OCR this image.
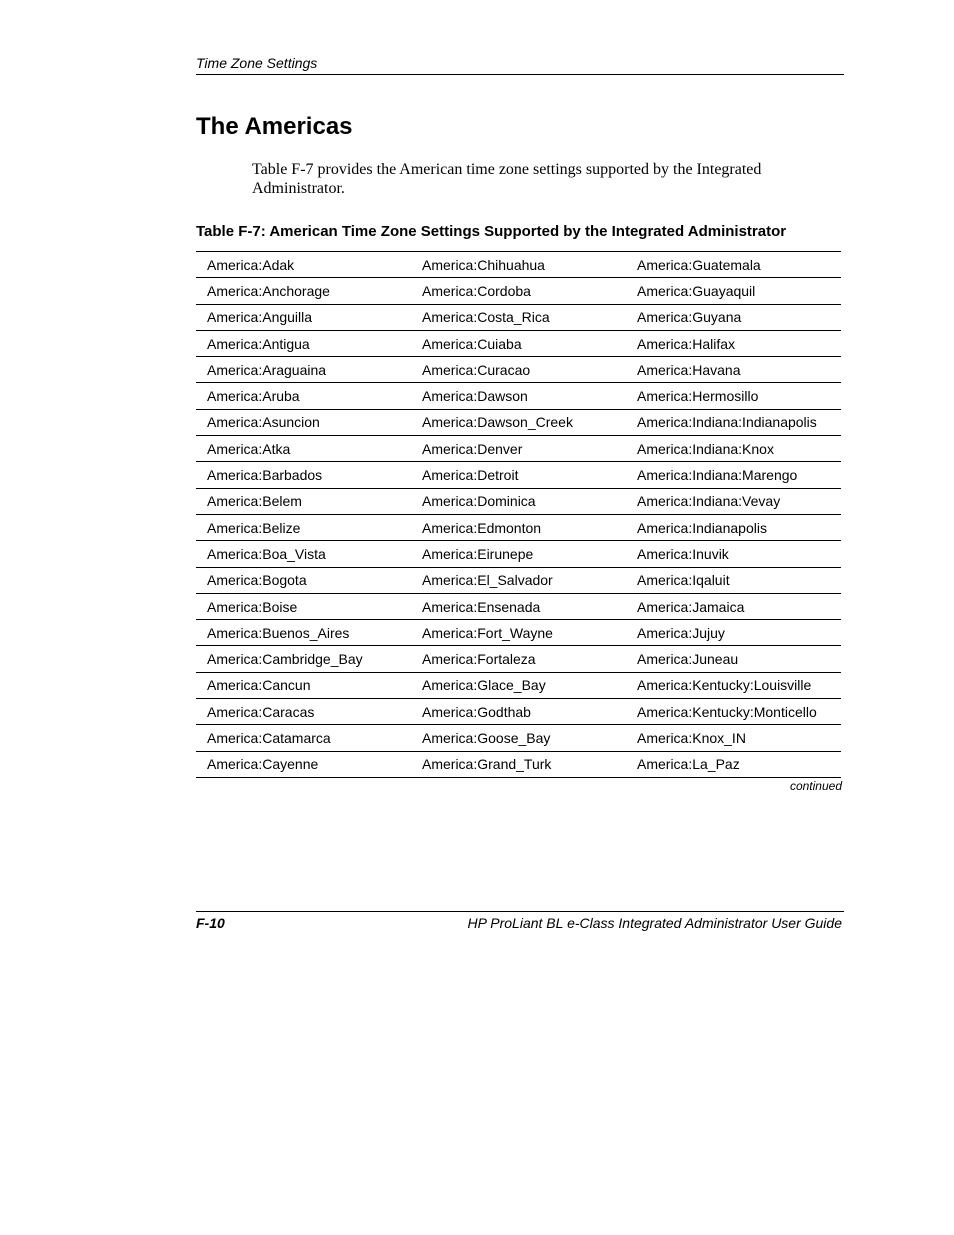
Time Zone Settings
The Americas

Table F-7 provides the American time zone settings supported by the Integrated Administrator.

Table F-7: American Time Zone Settings Supported by the Integrated Administrator

America:Adak	America:Chihuahua	America:Guatemala
America:Anchorage	America:Cordoba	America:Guayaquil
America:Anguilla	America:Costa_Rica	America:Guyana
America:Antigua	America:Cuiaba	America:Halifax
America:Araguaina	America:Curacao	America:Havana
America:Aruba	America:Dawson	America:Hermosillo
America:Asuncion	America:Dawson_Creek	America:Indiana:Indianapolis
America:Atka	America:Denver	America:Indiana:Knox
America:Barbados	America:Detroit	America:Indiana:Marengo
America:Belem	America:Dominica	America:Indiana:Vevay
America:Belize	America:Edmonton	America:Indianapolis
America:Boa_Vista	America:Eirunepe	America:Inuvik
America:Bogota	America:El_Salvador	America:Iqaluit
America:Boise	America:Ensenada	America:Jamaica
America:Buenos_Aires	America:Fort_Wayne	America:Jujuy
America:Cambridge_Bay	America:Fortaleza	America:Juneau
America:Cancun	America:Glace_Bay	America:Kentucky:Louisville
America:Caracas	America:Godthab	America:Kentucky:Monticello
America:Catamarca	America:Goose_Bay	America:Knox_IN
America:Cayenne	America:Grand_Turk	America:La_Paz
continued
F-10	HP ProLiant BL e-Class Integrated Administrator User Guide
